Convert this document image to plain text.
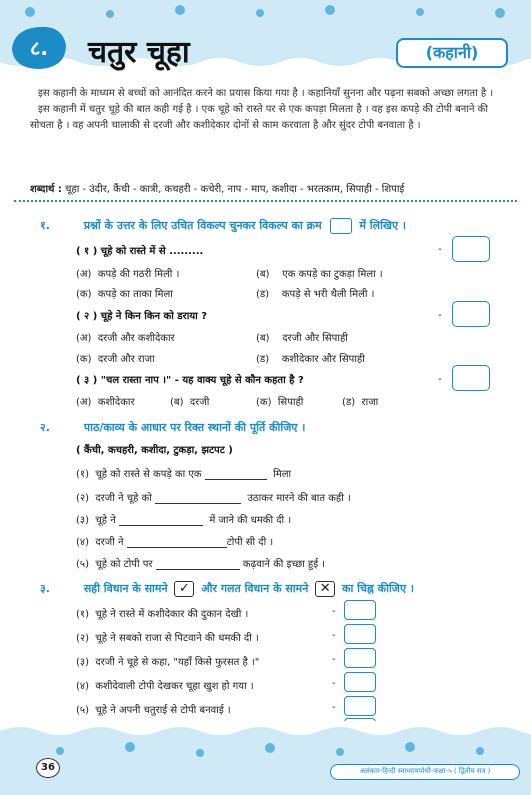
८.	चतुर चूहा	(कहानी)

इस कहानी के माध्यम से बच्चों को आनंदित करने का प्रयास किया गया है । कहानियाँ सुनना और पढ़ना सबको अच्छा लगता है ।

इस कहानी में चतुर चूहे की बात कही गई है । एक चूहे को रास्ते पर से एक कपड़ा मिलता है । वह इस कपड़े की टोपी बनाने की सोचता है । वह अपनी चालाकी से दरजी और कशीदेकार दोनों से काम करवाता है और सुंदर टोपी बनवाता है ।

शब्दार्थ : चूहा - उंदीर, कैंची - कात्री, कचहरी - कचेरी, नाप - माप, कशीदा - भरतकाम, सिपाही - शिपाई
१.	प्रश्नों के उत्तर के लिए उचित विकल्प चुनकर विकल्प का क्रम	में लिखिए ।
( १ ) चूहे को रास्ते में से .........	-
(अ) कपड़े की गठरी मिली ।	(ब) एक कपड़े का टुकड़ा मिला ।
(क) कपड़े का ताका मिला	(ड) कपड़े से भरी थैली मिली ।
( २ ) चूहे ने किन किन को डराया ?	-
(अ) दरजी और कशीदेकार	(ब) दरजी और सिपाही
(क) दरजी और राजा	(ड) कशीदेकार और सिपाही
( ३ ) "चल रास्ता नाप ।" - यह वाक्य चूहे से कौन कहता है ?	-
(अ) कशीदेकार	(ब) दरजी	(क) सिपाही	(ड) राजा
२.	पाठ/काव्य के आधार पर रिक्त स्थानों की पूर्ति कीजिए ।
( कैंची, कचहरी, कशीदा, टुकड़ा, झटपट )
(१) चूहे को रास्ते से कपड़े का एक	मिला
(२) दरजी ने चूहे को	उठाकर मारने की बात कही ।
(३) चूहे ने	में जाने की धमकी दी ।
(४) दरजी ने	टोपी सी दी ।
(५) चूहे को टोपी पर	कढ़वाने की इच्छा हुई ।
३.	सही विधान के सामने ✓ और गलत विधान के सामने ✕ का चिह्न कीजिए ।
(१) चूहे ने रास्ते में कशीदेकार की दुकान देखी ।	-
(२) चूहे ने सबको राजा से पिटवाने की धमकी दी ।	-
(३) दरजी ने चूहे से कहा, "यहाँ किसे फुरसत है ।"	-
(४) कशीदेवाली टोपी देखकर चूहा खुश हो गया ।	-
(५) चूहे ने अपनी चतुराई से टोपी बनवाई ।	-

36	अलंकार-हिन्दी स्वाध्यायपोथी-कक्षा-५ ( द्वितीय सत्र )
